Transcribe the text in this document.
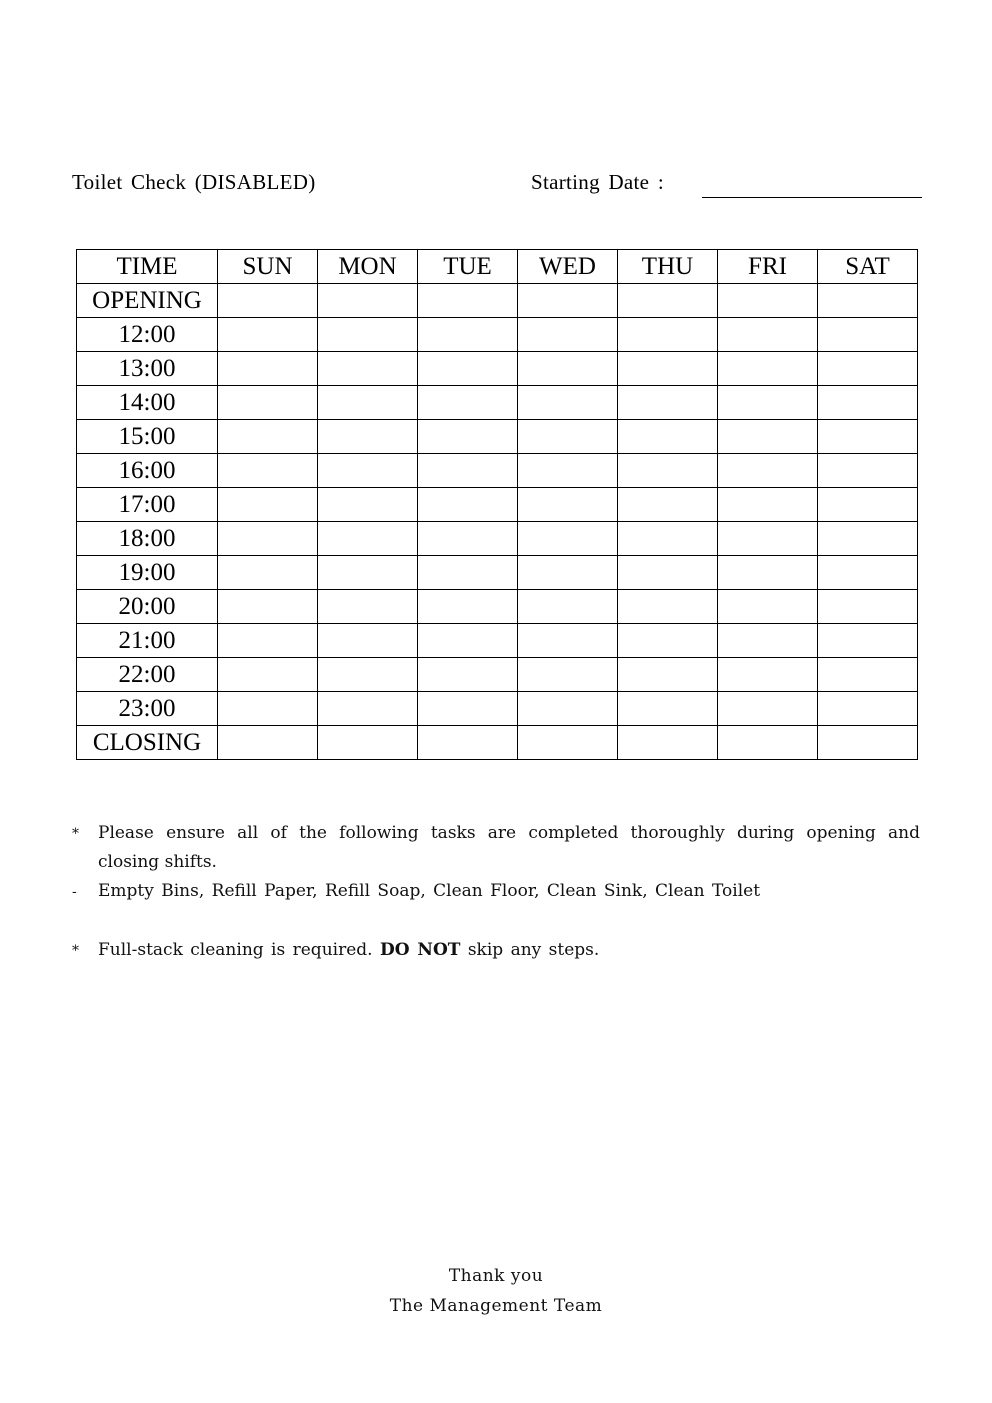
Toilet Check (DISABLED)	Starting Date :
TIME	SUN	MON	TUE	WED	THU	FRI	SAT
OPENING							
12:00							
13:00							
14:00							
15:00							
16:00							
17:00							
18:00							
19:00							
20:00							
21:00							
22:00							
23:00							
CLOSING							
* Please ensure all of the following tasks are completed thoroughly during opening and
closing shifts.
- Empty Bins, Refill Paper, Refill Soap, Clean Floor, Clean Sink, Clean Toilet
* Full-stack cleaning is required. DO NOT skip any steps.
Thank you
The Management Team
